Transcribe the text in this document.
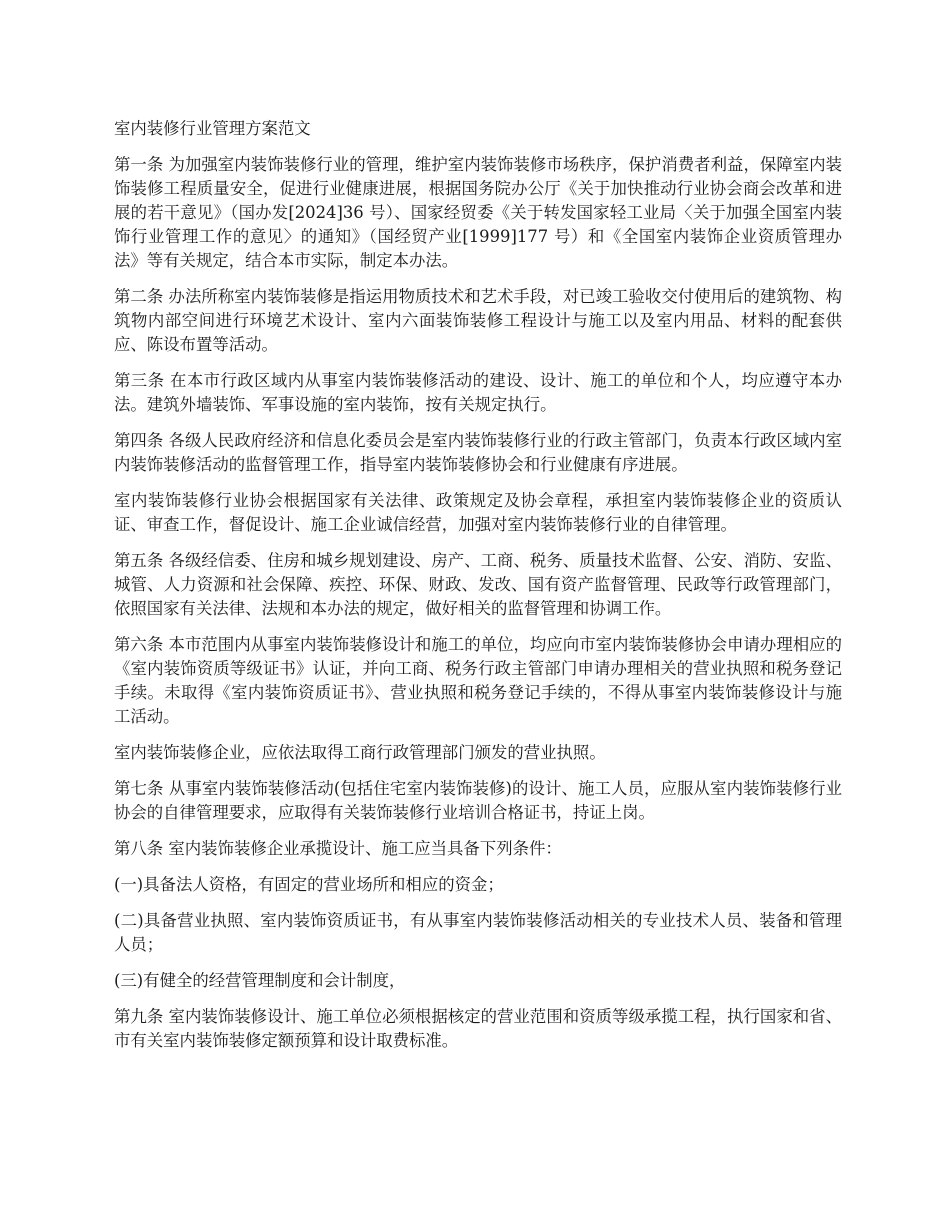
室内装修行业管理方案范文

第一条 为加强室内装饰装修行业的管理，维护室内装饰装修市场秩序，保护消费者利益，保障室内装饰装修工程质量安全，促进行业健康进展，根据国务院办公厅《关于加快推动行业协会商会改革和进展的若干意见》（国办发[2024]36 号）、国家经贸委《关于转发国家轻工业局〈关于加强全国室内装饰行业管理工作的意见〉的通知》（国经贸产业[1999]177 号）和《全国室内装饰企业资质管理办法》等有关规定，结合本市实际，制定本办法。

第二条 办法所称室内装饰装修是指运用物质技术和艺术手段，对已竣工验收交付使用后的建筑物、构筑物内部空间进行环境艺术设计、室内六面装饰装修工程设计与施工以及室内用品、材料的配套供应、陈设布置等活动。

第三条 在本市行政区域内从事室内装饰装修活动的建设、设计、施工的单位和个人，均应遵守本办法。建筑外墙装饰、军事设施的室内装饰，按有关规定执行。

第四条 各级人民政府经济和信息化委员会是室内装饰装修行业的行政主管部门，负责本行政区域内室内装饰装修活动的监督管理工作，指导室内装饰装修协会和行业健康有序进展。

室内装饰装修行业协会根据国家有关法律、政策规定及协会章程，承担室内装饰装修企业的资质认证、审查工作，督促设计、施工企业诚信经营，加强对室内装饰装修行业的自律管理。

第五条 各级经信委、住房和城乡规划建设、房产、工商、税务、质量技术监督、公安、消防、安监、城管、人力资源和社会保障、疾控、环保、财政、发改、国有资产监督管理、民政等行政管理部门，依照国家有关法律、法规和本办法的规定，做好相关的监督管理和协调工作。

第六条 本市范围内从事室内装饰装修设计和施工的单位，均应向市室内装饰装修协会申请办理相应的《室内装饰资质等级证书》认证，并向工商、税务行政主管部门申请办理相关的营业执照和税务登记手续。未取得《室内装饰资质证书》、营业执照和税务登记手续的，不得从事室内装饰装修设计与施工活动。

室内装饰装修企业，应依法取得工商行政管理部门颁发的营业执照。

第七条 从事室内装饰装修活动(包括住宅室内装饰装修)的设计、施工人员，应服从室内装饰装修行业协会的自律管理要求，应取得有关装饰装修行业培训合格证书，持证上岗。

第八条 室内装饰装修企业承揽设计、施工应当具备下列条件：

(一)具备法人资格，有固定的营业场所和相应的资金；

(二)具备营业执照、室内装饰资质证书，有从事室内装饰装修活动相关的专业技术人员、装备和管理人员；

(三)有健全的经营管理制度和会计制度，

第九条 室内装饰装修设计、施工单位必须根据核定的营业范围和资质等级承揽工程，执行国家和省、市有关室内装饰装修定额预算和设计取费标准。
